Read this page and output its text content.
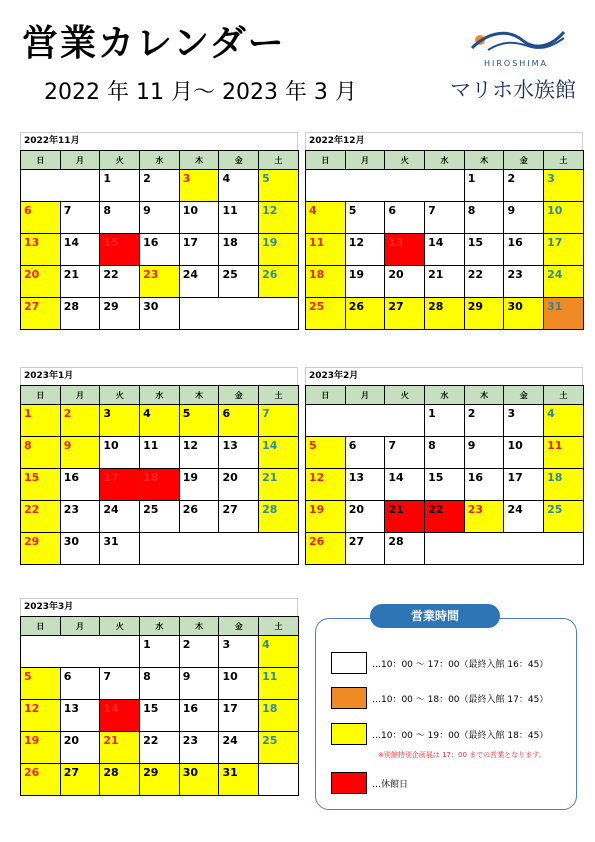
営業カレンダー
2022 年 11 月～ 2023 年 3 月
HIROSHIMA
マリホ水族館
2022年11月
日	月	火	水	木	金	土
		1	2	3	4	5
6	7	8	9	10	11	12
13	14	15	16	17	18	19
20	21	22	23	24	25	26
27	28	29	30			
2022年12月
日	月	火	水	木	金	土
				1	2	3
4	5	6	7	8	9	10
11	12	13	14	15	16	17
18	19	20	21	22	23	24
25	26	27	28	29	30	31
2023年1月
日	月	火	水	木	金	土
1	2	3	4	5	6	7
8	9	10	11	12	13	14
15	16	17	18	19	20	21
22	23	24	25	26	27	28
29	30	31				
2023年2月
日	月	火	水	木	金	土
			1	2	3	4
5	6	7	8	9	10	11
12	13	14	15	16	17	18
19	20	21	22	23	24	25
26	27	28				
2023年3月
日	月	火	水	木	金	土
			1	2	3	4
5	6	7	8	9	10	11
12	13	14	15	16	17	18
19	20	21	22	23	24	25
26	27	28	29	30	31	
営業時間
…10：00 ～ 17：00（最終入館 16：45）
…10：00 ～ 18：00（最終入館 17：45）
…10：00 ～ 19：00（最終入館 18：45）
※別館特別企画展は 17：00 までの営業となります。
…休館日
